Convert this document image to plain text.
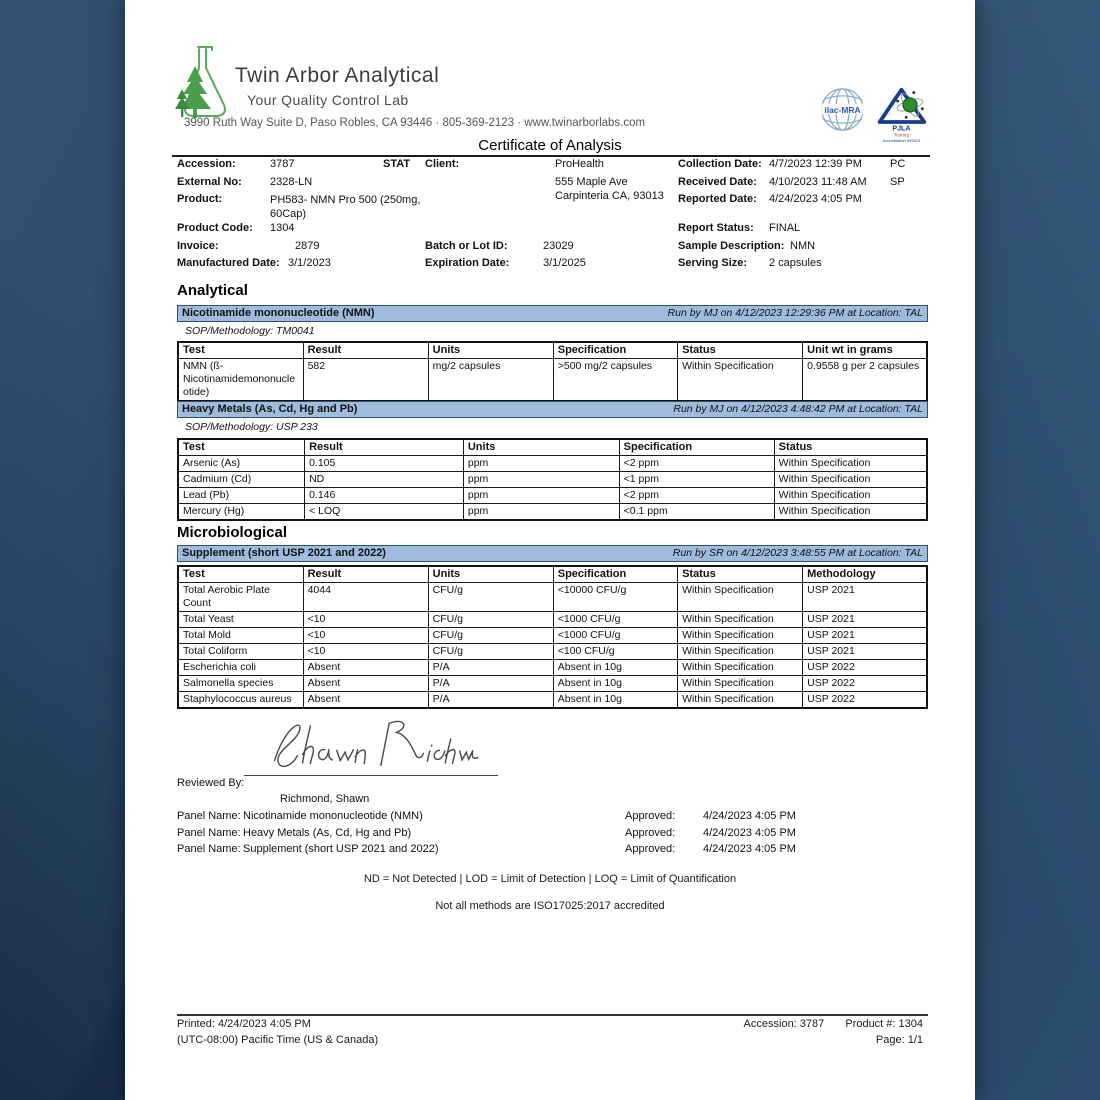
Twin Arbor Analytical
Your Quality Control Lab
3990 Ruth Way Suite D, Paso Robles, CA 93446 · 805-369-2123 · www.twinarborlabs.com
ilac-MRA
PJLA
Testing
Accreditation #99523
Certificate of Analysis
Accession:	3787	STAT Client:	ProHealth	Collection Date: 4/7/2023 12:39 PM	PC
External No:	2328-LN	555 Maple Ave	Received Date: 4/10/2023 11:48 AM SP
Product:	PH583- NMN Pro 500 (250mg, 60Cap)
Carpinteria CA, 93013 Reported Date: 4/24/2023 4:05 PM
Product Code: 1304	Report Status: FINAL
Invoice:	2879	Batch or Lot ID:	23029	Sample Description: NMN
Manufactured Date: 3/1/2023	Expiration Date:	3/1/2025	Serving Size: 2 capsules
Analytical
Nicotinamide mononucleotide (NMN)	Run by MJ on 4/12/2023 12:29:36 PM at Location: TAL
SOP/Methodology: TM0041
Test	Result	Units	Specification	Status	Unit wt in grams
NMN (ß-Nicotinamidemononucleotide)	582	mg/2 capsules	>500 mg/2 capsules	Within Specification	0.9558 g per 2 capsules
Heavy Metals (As, Cd, Hg and Pb)	Run by MJ on 4/12/2023 4:48:42 PM at Location: TAL
SOP/Methodology: USP 233
Test	Result	Units	Specification	Status
Arsenic (As)	0.105	ppm	<2 ppm	Within Specification
Cadmium (Cd)	ND	ppm	<1 ppm	Within Specification
Lead (Pb)	0.146	ppm	<2 ppm	Within Specification
Mercury (Hg)	< LOQ	ppm	<0.1 ppm	Within Specification
Microbiological
Supplement (short USP 2021 and 2022)	Run by SR on 4/12/2023 3:48:55 PM at Location: TAL
Test	Result	Units	Specification	Status	Methodology
Total Aerobic Plate Count	4044	CFU/g	<10000 CFU/g	Within Specification	USP 2021
Total Yeast	<10	CFU/g	<1000 CFU/g	Within Specification	USP 2021
Total Mold	<10	CFU/g	<1000 CFU/g	Within Specification	USP 2021
Total Coliform	<10	CFU/g	<100 CFU/g	Within Specification	USP 2021
Escherichia coli	Absent	P/A	Absent in 10g	Within Specification	USP 2022
Salmonella species	Absent	P/A	Absent in 10g	Within Specification	USP 2022
Staphylococcus aureus	Absent	P/A	Absent in 10g	Within Specification	USP 2022
Reviewed By:
Richmond, Shawn
Panel Name: Nicotinamide mononucleotide (NMN)	Approved:	4/24/2023 4:05 PM
Panel Name: Heavy Metals (As, Cd, Hg and Pb)	Approved:	4/24/2023 4:05 PM
Panel Name: Supplement (short USP 2021 and 2022)	Approved:	4/24/2023 4:05 PM
ND = Not Detected | LOD = Limit of Detection | LOQ = Limit of Quantification
Not all methods are ISO17025:2017 accredited
Printed: 4/24/2023 4:05 PM
(UTC-08:00) Pacific Time (US & Canada)
Accession: 3787 Product #: 1304
Page: 1/1
